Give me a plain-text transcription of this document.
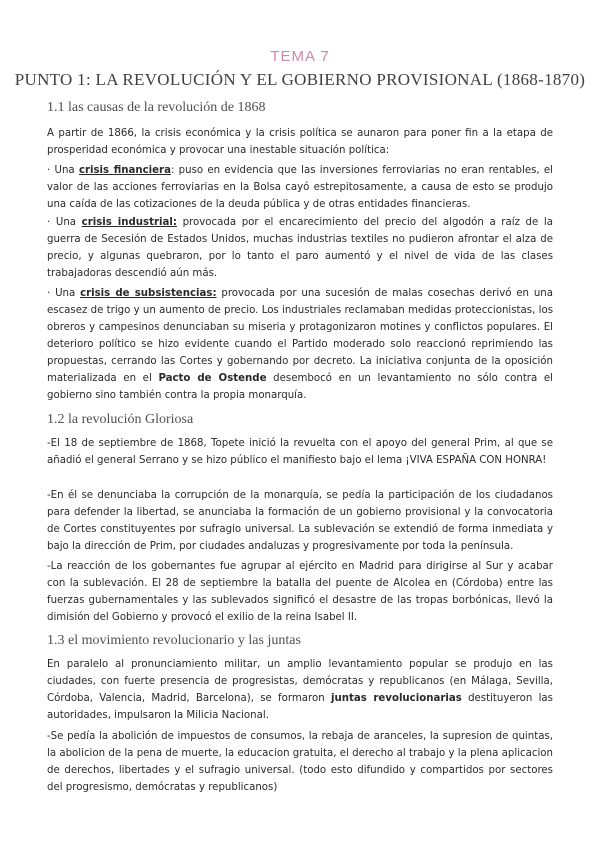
TEMA 7
PUNTO 1: LA REVOLUCIÓN Y EL GOBIERNO PROVISIONAL (1868-1870)
1.1 las causas de la revolución de 1868
A partir de 1866, la crisis económica y la crisis política se aunaron para poner fin a la etapa de prosperidad económica y provocar una inestable situación política:
· Una crisis financiera: puso en evidencia que las inversiones ferroviarias no eran rentables, el valor de las acciones ferroviarias en la Bolsa cayó estrepitosamente, a causa de esto se produjo una caída de las cotizaciones de la deuda pública y de otras entidades financieras.
· Una crisis industrial: provocada por el encarecimiento del precio del algodón a raíz de la guerra de Secesión de Estados Unidos, muchas industrias textiles no pudieron afrontar el alza de precio, y algunas quebraron, por lo tanto el paro aumentó y el nivel de vida de las clases trabajadoras descendió aún más.
· Una crisis de subsistencias: provocada por una sucesión de malas cosechas derivó en una escasez de trigo y un aumento de precio. Los industriales reclamaban medidas proteccionistas, los obreros y campesinos denunciaban su miseria y protagonizaron motines y conflictos populares. El deterioro político se hizo evidente cuando el Partido moderado solo reaccionó reprimiendo las propuestas, cerrando las Cortes y gobernando por decreto. La iniciativa conjunta de la oposición materializada en el Pacto de Ostende desembocó en un levantamiento no sólo contra el gobierno sino también contra la propia monarquía.
1.2 la revolución Gloriosa
-El 18 de septiembre de 1868, Topete inició la revuelta con el apoyo del general Prim, al que se añadió el general Serrano y se hizo público el manifiesto bajo el lema ¡VIVA ESPAÑA CON HONRA!
-En él se denunciaba la corrupción de la monarquía, se pedía la participación de los ciudadanos para defender la libertad, se anunciaba la formación de un gobierno provisional y la convocatoria de Cortes constituyentes por sufragio universal. La sublevación se extendió de forma inmediata y bajo la dirección de Prim, por ciudades andaluzas y progresivamente por toda la península.
-La reacción de los gobernantes fue agrupar al ejército en Madrid para dirigirse al Sur y acabar con la sublevación. El 28 de septiembre la batalla del puente de Alcolea en (Córdoba) entre las fuerzas gubernamentales y las sublevados significó el desastre de las tropas borbónicas, llevó la dimisión del Gobierno y provocó el exilio de la reina Isabel II.
1.3 el movimiento revolucionario y las juntas
En paralelo al pronunciamiento militar, un amplio levantamiento popular se produjo en las ciudades, con fuerte presencia de progresistas, demócratas y republicanos (en Málaga, Sevilla, Córdoba, Valencia, Madrid, Barcelona), se formaron juntas revolucionarias destituyeron las autoridades, impulsaron la Milicia Nacional.
-Se pedía la abolición de impuestos de consumos, la rebaja de aranceles, la supresion de quintas, la abolicion de la pena de muerte, la educacion gratuita, el derecho al trabajo y la plena aplicacion de derechos, libertades y el sufragio universal. (todo esto difundido y compartidos por sectores del progresismo, demócratas y republicanos)
